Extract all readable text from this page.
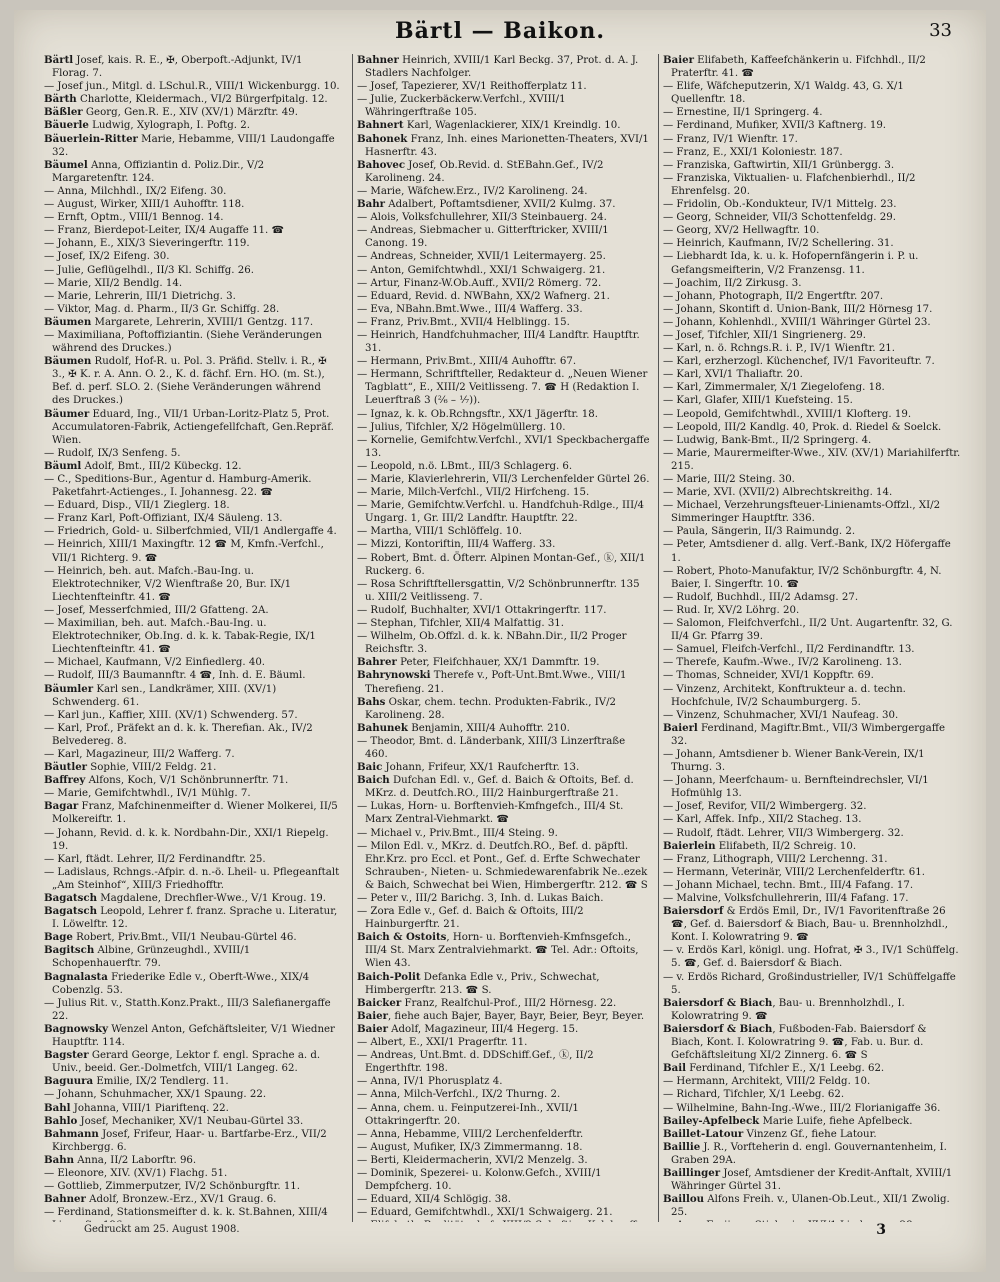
Bärtl — Baikon.	33
Bärtl Josef, kais. R. E., ✠, Oberpoft.-Adjunkt, IV/1 Florag. 7.
— Josef jun., Mitgl. d. LSchul.R., VIII/1 Wickenburgg. 10.
Bärth Charlotte, Kleidermach., VI/2 Bürgerfpitalg. 12.
Bäßler Georg, Gen.R. E., XIV (XV/1) Märzftr. 49.
Bäuerle Ludwig, Xylograph, I. Poftg. 2.
Bäuerlein-Ritter Marie, Hebamme, VIII/1 Laudongaffe 32.
Bäumel Anna, Offiziantin d. Poliz.Dir., V/2 Margaretenftr. 124.
— Anna, Milchhdl., IX/2 Eifeng. 30.
— August, Wirker, XIII/1 Auhofftr. 118.
— Ernft, Optm., VIII/1 Bennog. 14.
— Franz, Bierdepot-Leiter, IX/4 Augaffe 11. ☎
— Johann, E., XIX/3 Sieveringerftr. 119.
— Josef, IX/2 Eifeng. 30.
— Julie, Geflügelhdl., II/3 Kl. Schiffg. 26.
— Marie, XII/2 Bendlg. 14.
— Marie, Lehrerin, III/1 Dietrichg. 3.
— Viktor, Mag. d. Pharm., II/3 Gr. Schiffg. 28.
Bäumen Margarete, Lehrerin, XVIII/1 Gentzg. 117.
— Maximiliana, Poftoffiziantin. (Siehe Veränderungen während des Druckes.)
Bäumen Rudolf, Hof-R. u. Pol. 3. Präfid. Stellv. i. R., ✠ 3., ✠ K. r. A. Ann. O. 2., K. d. fächf. Ern. HO. (m. St.), Bef. d. perf. SLO. 2. (Siehe Veränderungen während des Druckes.)
Bäumer Eduard, Ing., VII/1 Urban-Loritz-Platz 5, Prot. Accumulatoren-Fabrik, Actiengefellfchaft, Gen.Repräf. Wien.
— Rudolf, IX/3 Senfeng. 5.
Bäuml Adolf, Bmt., III/2 Kübeckg. 12.
— C., Speditions-Bur., Agentur d. Hamburg-Amerik. Paketfahrt-Actienges., I. Johannesg. 22. ☎
— Eduard, Disp., VII/1 Zieglerg. 18.
— Franz Karl, Poft-Offiziant, IX/4 Säuleng. 13.
— Friedrich, Gold- u. Silberfchmied, VII/1 Andlergaffe 4.
— Heinrich, XIII/1 Maxingftr. 12 ☎ M, Kmfn.-Verfchl., VII/1 Richterg. 9. ☎
— Heinrich, beh. aut. Mafch.-Bau-Ing. u. Elektrotechniker, V/2 Wienftraße 20, Bur. IX/1 Liechtenfteinftr. 41. ☎
— Josef, Messerfchmied, III/2 Gfatteng. 2A.
— Maximilian, beh. aut. Mafch.-Bau-Ing. u. Elektrotechniker, Ob.Ing. d. k. k. Tabak-Regie, IX/1 Liechtenfteinftr. 41. ☎
— Michael, Kaufmann, V/2 Einfiedlerg. 40.
— Rudolf, III/3 Baumannftr. 4 ☎, Inh. d. E. Bäuml.
Bäumler Karl sen., Landkrämer, XIII. (XV/1) Schwenderg. 61.
— Karl jun., Kaffier, XIII. (XV/1) Schwenderg. 57.
— Karl, Prof., Präfekt an d. k. k. Therefian. Ak., IV/2 Belvedereg. 8.
— Karl, Magazineur, III/2 Wafferg. 7.
Bäutler Sophie, VIII/2 Feldg. 21.
Baffrey Alfons, Koch, V/1 Schönbrunnerftr. 71.
— Marie, Gemifchtwhdl., IV/1 Mühlg. 7.
Bagar Franz, Mafchinenmeifter d. Wiener Molkerei, II/5 Molkereiftr. 1.
— Johann, Revid. d. k. k. Nordbahn-Dir., XXI/1 Riepelg. 19.
— Karl, ftädt. Lehrer, II/2 Ferdinandftr. 25.
— Ladislaus, Rchngs.-Afpir. d. n.-ö. Lheil- u. Pflegeanftalt „Am Steinhof“, XIII/3 Friedhofftr.
Bagatsch Magdalene, Drechfler-Wwe., V/1 Kroug. 19.
Bagatsch Leopold, Lehrer f. franz. Sprache u. Literatur, I. Löwelftr. 12.
Bage Robert, Priv.Bmt., VII/1 Neubau-Gürtel 46.
Bagitsch Albine, Grünzeughdl., XVIII/1 Schopenhauerftr. 79.
Bagnalasta Friederike Edle v., Oberft-Wwe., XIX/4 Cobenzlg. 53.
— Julius Rit. v., Statth.Konz.Prakt., III/3 Salefianergaffe 22.
Bagnowsky Wenzel Anton, Gefchäftsleiter, V/1 Wiedner Hauptftr. 114.
Bagster Gerard George, Lektor f. engl. Sprache a. d. Univ., beeid. Ger.-Dolmetfch, VIII/1 Langeg. 62.
Baguura Emilie, IX/2 Tendlerg. 11.
— Johann, Schuhmacher, XX/1 Spaung. 22.
Bahl Johanna, VIII/1 Piariftenq. 22.
Bahlo Josef, Mechaniker, XV/1 Neubau-Gürtel 33.
Bahmann Josef, Frifeur, Haar- u. Bartfarbe-Erz., VII/2 Kirchbergg. 6.
Bahn Anna, II/2 Laborftr. 96.
— Eleonore, XIV. (XV/1) Flachg. 51.
— Gottlieb, Zimmerputzer, IV/2 Schönburgftr. 11.
Bahner Adolf, Bronzew.-Erz., XV/1 Graug. 6.
— Ferdinand, Stationsmeifter d. k. k. St.Bahnen, XIII/4
Bahner Heinrich, XVIII/1 Karl Beckg. 37, Prot. d. A. J. Stadlers Nachfolger.
— Josef, Tapezierer, XV/1 Reithofferplatz 11.
— Julie, Zuckerbäckerw.Verfchl., XVIII/1 Währingerftraße 105.
Bahnert Karl, Wagenlackierer, XIX/1 Kreindlg. 10.
Bahonek Franz, Inh. eines Marionetten-Theaters, XVI/1 Hasnerftr. 43.
Bahovec Josef, Ob.Revid. d. StEBahn.Gef., IV/2 Karolineng. 24.
— Marie, Wäfchew.Erz., IV/2 Karolineng. 24.
Bahr Adalbert, Poftamtsdiener, XVII/2 Kulmg. 37.
— Alois, Volksfchullehrer, XII/3 Steinbauerg. 24.
— Andreas, Siebmacher u. Gitterftricker, XVIII/1 Canong. 19.
— Andreas, Schneider, XVII/1 Leitermayerg. 25.
— Anton, Gemifchtwhdl., XXI/1 Schwaigerg. 21.
— Artur, Finanz-W.Ob.Auff., XVII/2 Römerg. 72.
— Eduard, Revid. d. NWBahn, XX/2 Wafnerg. 21.
— Eva, NBahn.Bmt.Wwe., III/4 Wafferg. 33.
— Franz, Priv.Bmt., XVII/4 Helblingg. 15.
— Heinrich, Handfchuhmacher, III/4 Landftr. Hauptftr. 31.
— Hermann, Priv.Bmt., XIII/4 Auhofftr. 67.
— Hermann, Schriftfteller, Redakteur d. „Neuen Wiener Tagblatt“, E., XIII/2 Veitlisseng. 7. ☎ H (Redaktion I. Leuerftraß 3 (²⁄₆ – ¹⁄₇)).
— Ignaz, k. k. Ob.Rchngsftr., XX/1 Jägerftr. 18.
— Julius, Tifchler, X/2 Högelmüllerg. 10.
— Kornelie, Gemifchtw.Verfchl., XVI/1 Speckbachergaffe 13.
— Leopold, n.ö. LBmt., III/3 Schlagerg. 6.
— Marie, Klavierlehrerin, VII/3 Lerchenfelder Gürtel 26.
— Marie, Milch-Verfchl., VII/2 Hirfcheng. 15.
— Marie, Gemifchtw.Verfchl. u. Handfchuh-Rdlge., III/4 Ungarg. 1, Gr. III/2 Landftr. Hauptftr. 22.
— Martha, VIII/1 Schlöffelg. 10.
— Mizzi, Kontoriftin, III/4 Wafferg. 33.
— Robert, Bmt. d. Öfterr. Alpinen Montan-Gef., ⓚ, XII/1 Ruckerg. 6.
— Rosa Schriftftellersgattin, V/2 Schönbrunnerftr. 135 u. XIII/2 Veitlisseng. 7.
— Rudolf, Buchhalter, XVI/1 Ottakringerftr. 117.
— Stephan, Tifchler, XII/4 Malfattig. 31.
— Wilhelm, Ob.Offzl. d. k. k. NBahn.Dir., II/2 Proger Reichsftr. 3.
Bahrer Peter, Fleifchhauer, XX/1 Dammftr. 19.
Bahrynowski Therefe v., Poft-Unt.Bmt.Wwe., VIII/1 Therefieng. 21.
Bahs Oskar, chem. techn. Produkten-Fabrik., IV/2 Karolineng. 28.
Bahunek Benjamin, XIII/4 Auhofftr. 210.
— Theodor, Bmt. d. Länderbank, XIII/3 Linzerftraße 460.
Baic Johann, Frifeur, XX/1 Raufcherftr. 13.
Baich Dufchan Edl. v., Gef. d. Baich & Oftoits, Bef. d. MKrz. d. Deutfch.RO., III/2 Hainburgerftraße 21.
— Lukas, Horn- u. Borftenvieh-Kmfngefch., III/4 St. Marx Zentral-Viehmarkt. ☎
— Michael v., Priv.Bmt., III/4 Steing. 9.
— Milon Edl. v., MKrz. d. Deutfch.RO., Bef. d. päpftl. Ehr.Krz. pro Eccl. et Pont., Gef. d. Erfte Schwechater Schrauben-, Nieten- u. Schmiedewarenfabrik Ne..ezek & Baich, Schwechat bei Wien, Himbergerftr. 212. ☎ S
— Peter v., III/2 Barichg. 3, Inh. d. Lukas Baich.
— Zora Edle v., Gef. d. Baich & Oftoits, III/2 Hainburgerftr. 21.
Baich & Ostoits, Horn- u. Borftenvieh-Kmfnsgefch., III/4 St. Marx Zentralviehmarkt. ☎ Tel. Adr.: Oftoits, Wien 43.
Baich-Polit Defanka Edle v., Priv., Schwechat, Himbergerftr. 213. ☎ S.
Baicker Franz, Realfchul-Prof., III/2 Hörnesg. 22.
Baier, fiehe auch Bajer, Bayer, Bayr, Beier, Beyr, Beyer.
Baier Adolf, Magazineur, III/4 Hegerg. 15.
— Albert, E., XXI/1 Pragerftr. 11.
— Andreas, Unt.Bmt. d. DDSchiff.Gef., ⓚ, II/2 Engerthftr. 198.
— Anna, IV/1 Phorusplatz 4.
— Anna, Milch-Verfchl., IX/2 Thurng. 2.
— Anna, chem. u. Feinputzerei-Inh., XVII/1 Ottakringerftr. 20.
— Anna, Hebamme, VIII/2 Lerchenfelderftr.
— August, Mufiker, IX/3 Zimmermanng. 18.
— Berti, Kleidermacherin, XVI/2 Menzelg. 3.
— Dominik, Spezerei- u. Kolonw.Gefch., XVIII/1 Dempfcherg. 10.
— Eduard, XII/4 Schlögig. 38.
— Eduard, Gemifchtwhdl., XXI/1 Schwaigerg. 21.
Baier Elifabeth, Kaffeefchänkerin u. Fifchhdl., II/2 Praterftr. 41. ☎
— Elife, Wäfcheputzerin, X/1 Waldg. 43, G. X/1 Quellenftr. 18.
— Ernestine, II/1 Springerg. 4.
— Ferdinand, Mufiker, XVII/3 Kaftnerg. 19.
— Franz, IV/1 Wienftr. 17.
— Franz, E., XXI/1 Koloniestr. 187.
— Franziska, Gaftwirtin, XII/1 Grünbergg. 3.
— Franziska, Viktualien- u. Flafchenbierhdl., II/2 Ehrenfelsg. 20.
— Fridolin, Ob.-Kondukteur, IV/1 Mittelg. 23.
— Georg, Schneider, VII/3 Schottenfeldg. 29.
— Georg, XV/2 Hellwagftr. 10.
— Heinrich, Kaufmann, IV/2 Schellering. 31.
— Liebhardt Ida, k. u. k. Hofopernfängerin i. P. u. Gefangsmeifterin, V/2 Franzensg. 11.
— Joachim, II/2 Zirkusg. 3.
— Johann, Photograph, II/2 Engertftr. 207.
— Johann, Skontift d. Union-Bank, III/2 Hörnesg 17.
— Johann, Kohlenhdl., XVIII/1 Währinger Gürtel 23.
— Josef, Tifchler, XII/1 Singrienerg. 29.
— Karl, n. ö. Rchngs.R. i. P., IV/1 Wienftr. 21.
— Karl, erzherzogl. Küchenchef, IV/1 Favoriteuftr. 7.
— Karl, XVI/1 Thaliaftr. 20.
— Karl, Zimmermaler, X/1 Ziegelofeng. 18.
— Karl, Glafer, XIII/1 Kuefsteing. 15.
— Leopold, Gemifchtwhdl., XVIII/1 Klofterg. 19.
— Leopold, III/2 Kandlg. 40, Prok. d. Riedel & Soelck.
— Ludwig, Bank-Bmt., II/2 Springerg. 4.
— Marie, Maurermeifter-Wwe., XIV. (XV/1) Mariahilferftr. 215.
— Marie, III/2 Steing. 30.
— Marie, XVI. (XVII/2) Albrechtskreithg. 14.
— Michael, Verzehrungsfteuer-Linienamts-Offzl., XI/2 Simmeringer Hauptftr. 336.
— Paula, Sängerin, II/3 Raimundg. 2.
— Peter, Amtsdiener d. allg. Verf.-Bank, IX/2 Höfergaffe 1.
— Robert, Photo-Manufaktur, IV/2 Schönburgftr. 4, N. Baier, I. Singerftr. 10. ☎
— Rudolf, Buchhdl., III/2 Adamsg. 27.
— Rud. Ir, XV/2 Löhrg. 20.
— Salomon, Fleifchverfchl., II/2 Unt. Augartenftr. 32, G. II/4 Gr. Pfarrg 39.
— Samuel, Fleifch-Verfchl., II/2 Ferdinandftr. 13.
— Therefe, Kaufm.-Wwe., IV/2 Karolineng. 13.
— Thomas, Schneider, XVI/1 Koppftr. 69.
— Vinzenz, Architekt, Konftrukteur a. d. techn. Hochfchule, IV/2 Schaumburgerg. 5.
— Vinzenz, Schuhmacher, XVI/1 Naufeag. 30.
Baierl Ferdinand, Magiftr.Bmt., VII/3 Wimbergergaffe 32.
— Johann, Amtsdiener b. Wiener Bank-Verein, IX/1 Thurng. 3.
— Johann, Meerfchaum- u. Bernfteindrechsler, VI/1 Hofmühlg 13.
— Josef, Revifor, VII/2 Wimbergerg. 32.
— Karl, Affek. Infp., XII/2 Stacheg. 13.
— Rudolf, ftädt. Lehrer, VII/3 Wimbergerg. 32.
Baierlein Elifabeth, II/2 Schreig. 10.
— Franz, Lithograph, VIII/2 Lerchenng. 31.
— Hermann, Veterinär, VIII/2 Lerchenfelderftr. 61.
— Johann Michael, techn. Bmt., III/4 Fafang. 17.
— Malvine, Volksfchullehrerin, III/4 Fafang. 17.
Baiersdorf & Erdös Emil, Dr., IV/1 Favoritenftraße 26 ☎, Gef. d. Baiersdorf & Biach, Bau- u. Brennholzhdl., Kont. I. Kolowratring 9. ☎
— v. Erdös Karl, königl. ung. Hofrat, ✠ 3., IV/1 Schüffelg. 5. ☎, Gef. d. Baiersdorf & Biach.
— v. Erdös Richard, Großindustrieller, IV/1 Schüffelgaffe 5.
Baiersdorf & Biach, Bau- u. Brennholzhdl., I. Kolowratring 9. ☎
Baiersdorf & Biach, Fußboden-Fab. Baiersdorf & Biach, Kont. I. Kolowratring 9. ☎, Fab. u. Bur. d. Gefchäftsleitung XI/2 Zinnerg. 6. ☎ S
Bail Ferdinand, Tifchler E., X/1 Leebg. 62.
— Hermann, Architekt, VIII/2 Feldg. 10.
— Richard, Tifchler, X/1 Leebg. 62.
— Wilhelmine, Bahn-Ing.-Wwe., III/2 Florianigaffe 36.
Bailey-Apfelbeck Marie Luife, fiehe Apfelbeck.
Baillet-Latour Vinzenz Gf., fiehe Latour.
Baillie J. R., Vorfteherin d. engl. Gouvernantenheim, I. Graben 29A.
Baillinger Josef, Amtsdiener der Kredit-Anftalt, XVIII/1 Währinger Gürtel 31.
Baillou Alfons Freih. v., Ulanen-Ob.Leut., XII/1 Zwolig. 25.
Gedruckt am 25. August 1908.	3
